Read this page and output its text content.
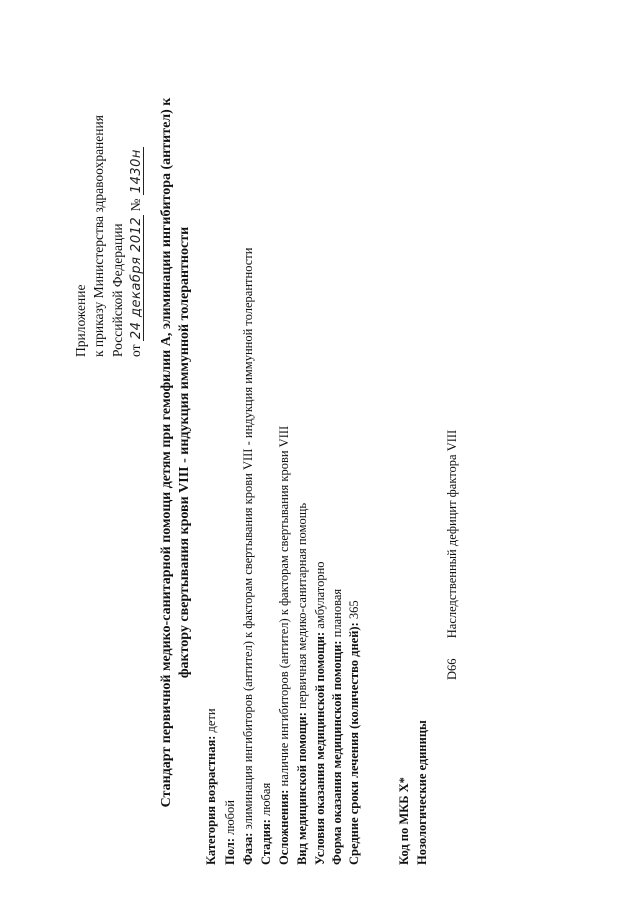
Приложение к приказу Министерства здравоохранения Российской Федерации от 24 декабря 2012 № 1430н Стандарт первичной медико-санитарной помощи детям при гемофилии А, элиминации ингибитора (антител) к фактору свертывания крови VIII - индукция иммунной толерантности
Категория возрастная: дети
Пол: любой
Фаза: элиминация ингибиторов (антител) к факторам свертывания крови VIII - индукция иммунной толерантности
Стадия: любая Осложнения: наличие ингибиторов (антител) к факторам свертывания крови VIII Вид медицинской помощи: первичная медико-санитарная помощь
Условия оказания медицинской помощи: амбулаторно
Форма оказания медицинской помощи: плановая
Средние сроки лечения (количество дней): 365
Код по МКБ X* Нозологические единицы
D66  Наследственный дефицит фактора VIII
